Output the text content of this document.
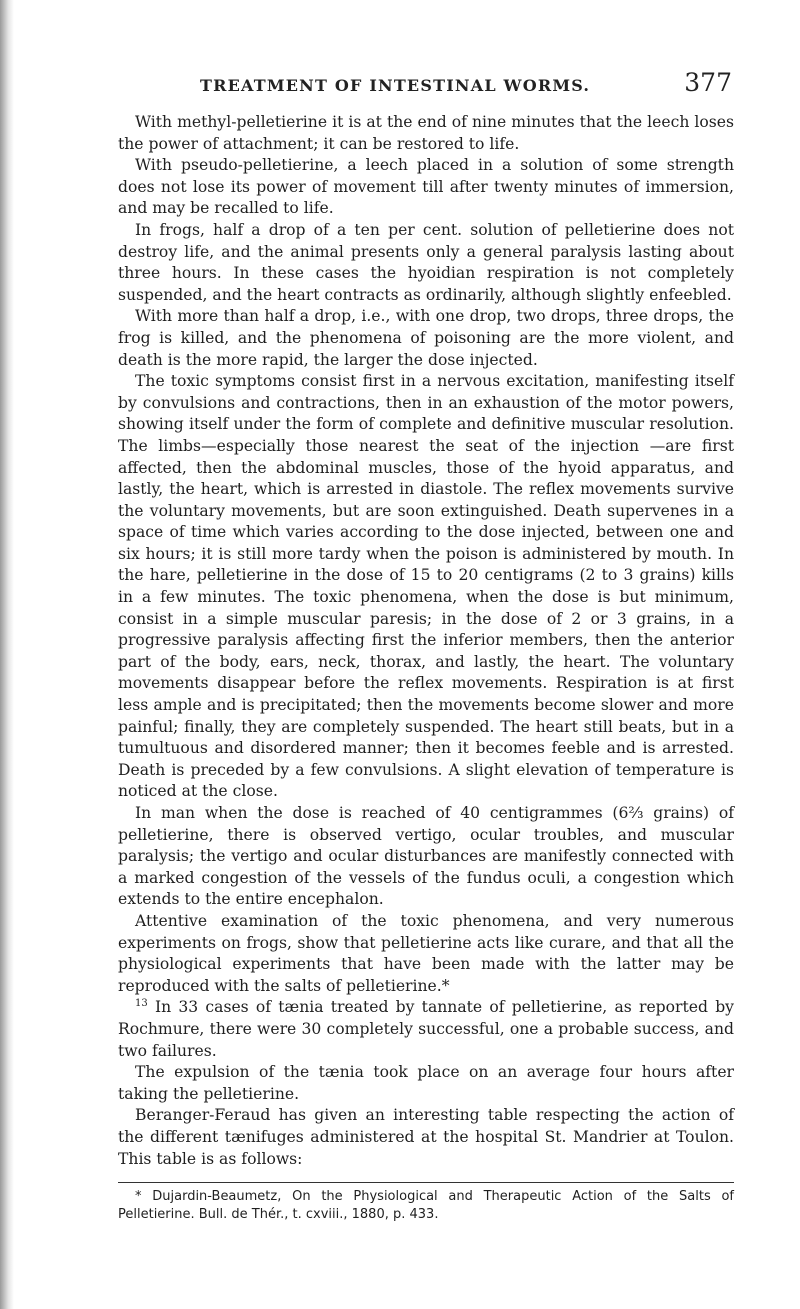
TREATMENT OF INTESTINAL WORMS.	377

With methyl-pelletierine it is at the end of nine minutes that the leech loses the power of attachment; it can be restored to life.

With pseudo-pelletierine, a leech placed in a solution of some strength does not lose its power of movement till after twenty minutes of immersion, and may be recalled to life.

In frogs, half a drop of a ten per cent. solution of pelletierine does not destroy life, and the animal presents only a general paralysis lasting about three hours. In these cases the hyoidian respiration is not completely suspended, and the heart contracts as ordinarily, although slightly enfeebled.

With more than half a drop, i.e., with one drop, two drops, three drops, the frog is killed, and the phenomena of poisoning are the more violent, and death is the more rapid, the larger the dose injected.

The toxic symptoms consist first in a nervous excitation, manifesting itself by convulsions and contractions, then in an exhaustion of the motor powers, showing itself under the form of complete and definitive muscular resolution. The limbs—especially those nearest the seat of the injection —are first affected, then the abdominal muscles, those of the hyoid apparatus, and lastly, the heart, which is arrested in diastole. The reflex movements survive the voluntary movements, but are soon extinguished. Death supervenes in a space of time which varies according to the dose injected, between one and six hours; it is still more tardy when the poison is administered by mouth. In the hare, pelletierine in the dose of 15 to 20 centigrams (2 to 3 grains) kills in a few minutes. The toxic phenomena, when the dose is but minimum, consist in a simple muscular paresis; in the dose of 2 or 3 grains, in a progressive paralysis affecting first the inferior members, then the anterior part of the body, ears, neck, thorax, and lastly, the heart. The voluntary movements disappear before the reflex movements. Respiration is at first less ample and is precipitated; then the movements become slower and more painful; finally, they are completely suspended. The heart still beats, but in a tumultuous and disordered manner; then it becomes feeble and is arrested. Death is preceded by a few convulsions. A slight elevation of temperature is noticed at the close.

In man when the dose is reached of 40 centigrammes (6⅔ grains) of pelletierine, there is observed vertigo, ocular troubles, and muscular paralysis; the vertigo and ocular disturbances are manifestly connected with a marked congestion of the vessels of the fundus oculi, a congestion which extends to the entire encephalon.

Attentive examination of the toxic phenomena, and very numerous experiments on frogs, show that pelletierine acts like curare, and that all the physiological experiments that have been made with the latter may be reproduced with the salts of pelletierine.*

$^{13}$ In 33 cases of tænia treated by tannate of pelletierine, as reported by Rochmure, there were 30 completely successful, one a probable success, and two failures.

The expulsion of the tænia took place on an average four hours after taking the pelletierine.

Beranger-Feraud has given an interesting table respecting the action of the different tænifuges administered at the hospital St. Mandrier at Toulon. This table is as follows:

* Dujardin-Beaumetz, On the Physiological and Therapeutic Action of the Salts of Pelletierine. Bull. de Thér., t. cxviii., 1880, p. 433.
